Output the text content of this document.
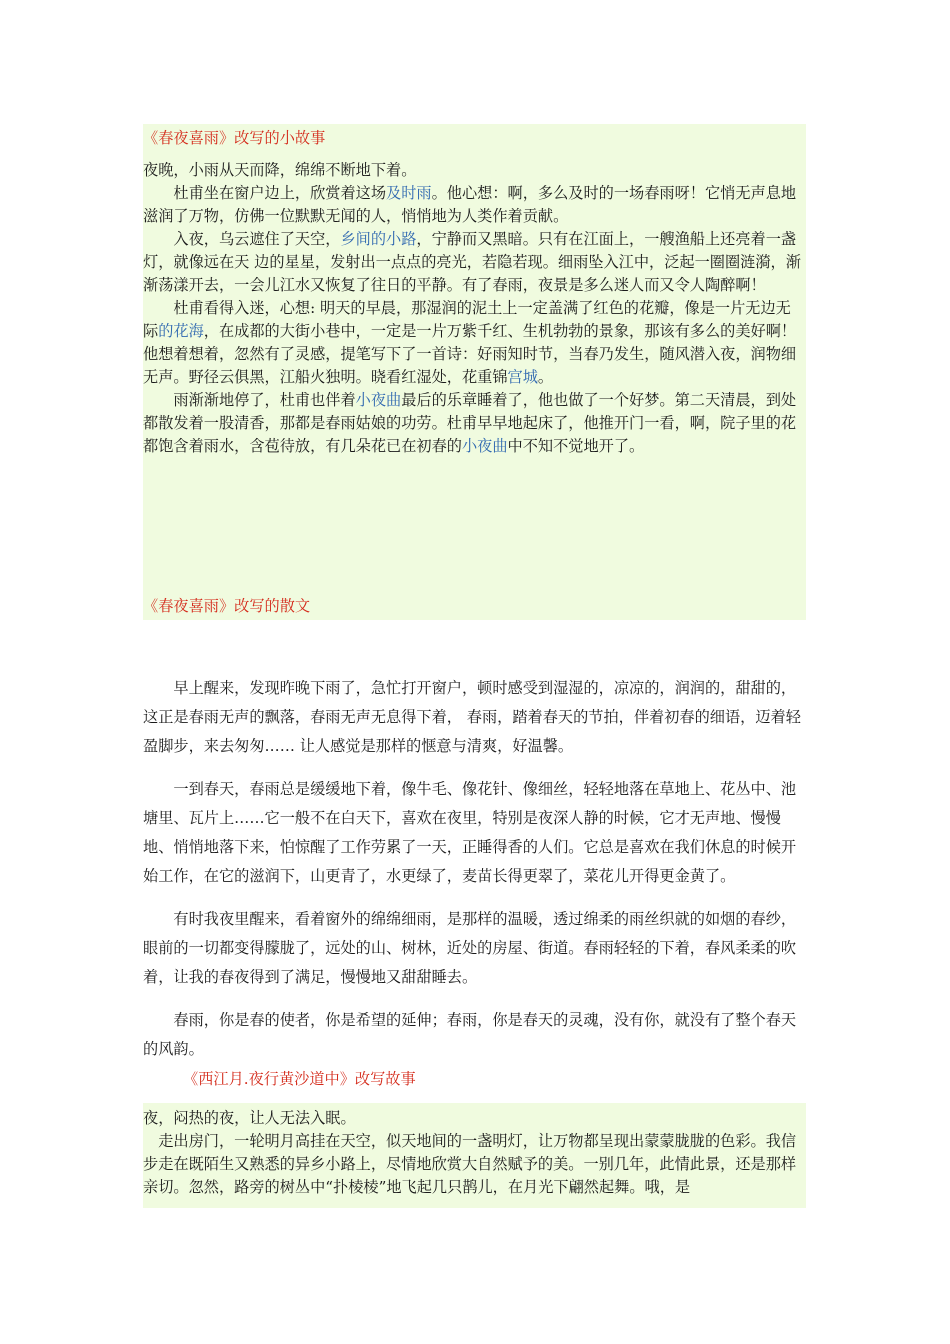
《春夜喜雨》改写的小故事

夜晚，小雨从天而降，绵绵不断地下着。

杜甫坐在窗户边上，欣赏着这场及时雨。他心想：啊，多么及时的一场春雨呀！它悄无声息地滋润了万物，仿佛一位默默无闻的人，悄悄地为人类作着贡献。

入夜，乌云遮住了天空，乡间的小路，宁静而又黑暗。只有在江面上，一艘渔船上还亮着一盏灯，就像远在天 边的星星，发射出一点点的亮光，若隐若现。细雨坠入江中，泛起一圈圈涟漪，渐渐荡漾开去，一会儿江水又恢复了往日的平静。有了春雨，夜景是多么迷人而又令人陶醉啊！

杜甫看得入迷，心想: 明天的早晨，那湿润的泥土上一定盖满了红色的花瓣，像是一片无边无际的花海，在成都的大街小巷中，一定是一片万紫千红、生机勃勃的景象，那该有多么的美好啊！他想着想着，忽然有了灵感，提笔写下了一首诗：好雨知时节，当春乃发生，随风潜入夜，润物细无声。野径云俱黑，江船火独明。晓看红湿处，花重锦宫城。

雨渐渐地停了，杜甫也伴着小夜曲最后的乐章睡着了，他也做了一个好梦。第二天清晨，到处都散发着一股清香，那都是春雨姑娘的功劳。杜甫早早地起床了，他推开门一看，啊，院子里的花都饱含着雨水，含苞待放，有几朵花已在初春的小夜曲中不知不觉地开了。

《春夜喜雨》改写的散文

早上醒来，发现昨晚下雨了，急忙打开窗户，顿时感受到湿湿的，凉凉的，润润的，甜甜的，这正是春雨无声的飘落，春雨无声无息得下着， 春雨，踏着春天的节拍，伴着初春的细语，迈着轻盈脚步，来去匆匆…… 让人感觉是那样的惬意与清爽，好温馨。

一到春天，春雨总是缓缓地下着，像牛毛、像花针、像细丝，轻轻地落在草地上、花丛中、池塘里、瓦片上……它一般不在白天下，喜欢在夜里，特别是夜深人静的时候，它才无声地、慢慢地、悄悄地落下来，怕惊醒了工作劳累了一天，正睡得香的人们。它总是喜欢在我们休息的时候开始工作，在它的滋润下，山更青了，水更绿了，麦苗长得更翠了，菜花儿开得更金黄了。

有时我夜里醒来，看着窗外的绵绵细雨，是那样的温暖，透过绵柔的雨丝织就的如烟的春纱，眼前的一切都变得朦胧了，远处的山、树林，近处的房屋、街道。春雨轻轻的下着，春风柔柔的吹着，让我的春夜得到了满足，慢慢地又甜甜睡去。

春雨，你是春的使者，你是希望的延伸；春雨，你是春天的灵魂，没有你，就没有了整个春天的风韵。

《西江月.夜行黄沙道中》改写故事

夜，闷热的夜，让人无法入眠。

走出房门，一轮明月高挂在天空，似天地间的一盏明灯，让万物都呈现出蒙蒙胧胧的色彩。我信步走在既陌生又熟悉的异乡小路上，尽情地欣赏大自然赋予的美。一别几年，此情此景，还是那样亲切。忽然，路旁的树丛中“扑棱棱”地飞起几只鹊儿，在月光下翩然起舞。哦，是
